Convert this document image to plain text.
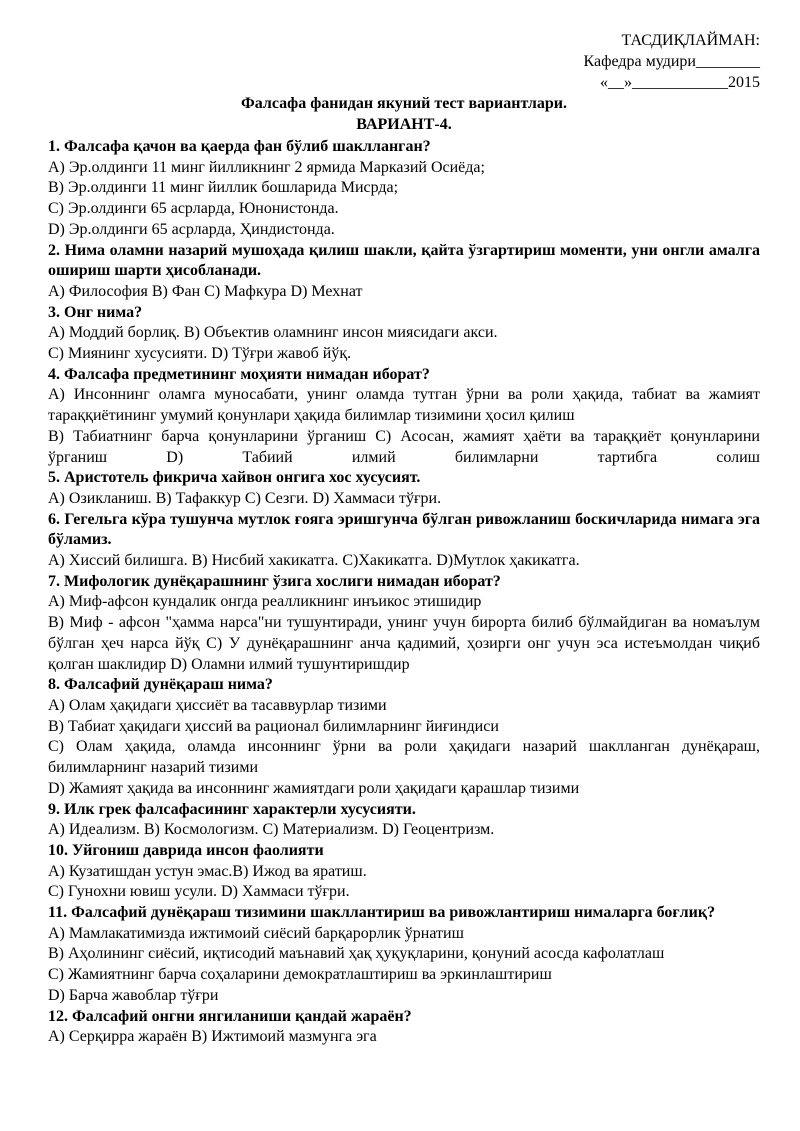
ТАСДИҚЛАЙМАН:
Кафедра мудири________
«__»____________2015
Фалсафа фанидан якуний тест вариантлари.
ВАРИАНТ-4.
1. Фалсафа қачон ва қаерда фан бўлиб шаклланган?
A) Эр.олдинги 11 минг йилликнинг 2 ярмида Марказий Осиёда;
B) Эр.олдинги 11 минг йиллик бошларида Мисрда;
C) Эр.олдинги 65 асрларда, Юнонистонда.
D) Эр.олдинги 65 асрларда, Ҳиндистонда.
2. Нима оламни назарий мушоҳада қилиш шакли, қайта ўзгартириш моменти, уни онгли амалга ошириш шарти ҳисобланади.
A) Философия B) Фан C) Мафкура D) Мехнат
3. Онг нима?
A) Моддий борлиқ. B) Объектив оламнинг инсон миясидаги акси.
C) Миянинг хусусияти. D) Тўғри жавоб йўқ.
4. Фалсафа предметининг моҳияти нимадан иборат?
A) Инсоннинг оламга муносабати, унинг оламда тутган ўрни ва роли ҳақида, табиат ва жамият тараққиётининг умумий қонунлари ҳақида билимлар тизимини ҳосил қилиш
B) Табиатнинг барча қонунларини ўрганиш C) Асосан, жамият ҳаёти ва тараққиёт қонунларини ўрганиш D) Табиий илмий билимларни тартибга солиш
5. Аристотель фикрича хайвон онгига хос хусусият.
A) Озикланиш. B) Тафаккур C) Сезги. D) Хаммаси тўғри.
6. Гегельга кўра тушунча мутлок ғояга эришгунча бўлган ривожланиш боскичларида нимага эга бўламиз.
A) Хиссий билишга. B) Нисбий хакикатга. C)Хакикатга. D)Мутлок ҳакикатга.
7. Мифологик дунёқарашнинг ўзига хослиги нимадан иборат?
A) Миф-афсон кундалик онгда реалликнинг инъикос этишидир
B) Миф - афсон "ҳамма нарса"ни тушунтиради, унинг учун бирорта билиб бўлмайдиган ва номаълум бўлган ҳеч нарса йўқ C) У дунёқарашнинг анча қадимий, ҳозирги онг учун эса истеъмолдан чиқиб қолган шаклидир D) Оламни илмий тушунтиришдир
8. Фалсафий дунёқараш нима?
A) Олам ҳақидаги ҳиссиёт ва тасаввурлар тизими
B) Табиат ҳақидаги ҳиссий ва рационал билимларнинг йиғиндиси
C) Олам ҳақида, оламда инсоннинг ўрни ва роли ҳақидаги назарий шаклланган дунёқараш, билимларнинг назарий тизими
D) Жамият ҳақида ва инсоннинг жамиятдаги роли ҳақидаги қарашлар тизими
9. Илк грек фалсафасининг характерли хусусияти.
A) Идеализм. B) Космологизм. C) Материализм. D) Геоцентризм.
10. Уйгониш даврида инсон фаолияти
A) Кузатишдан устун эмас.B) Ижод ва яратиш.
C) Гунохни ювиш усули. D) Хаммаси тўғри.
11. Фалсафий дунёқараш тизимини шакллантириш ва ривожлантириш нималарга боғлиқ?
A) Мамлакатимизда ижтимоий сиёсий барқарорлик ўрнатиш
B) Аҳолининг сиёсий, иқтисодий маънавий ҳақ ҳуқуқларини, қонуний асосда кафолатлаш
C) Жамиятнинг барча соҳаларини демократлаштириш ва эркинлаштириш
D) Барча жавоблар тўғри
12. Фалсафий онгни янгиланиши қандай жараён?
A) Серқирра жараён B) Ижтимоий мазмунга эга
